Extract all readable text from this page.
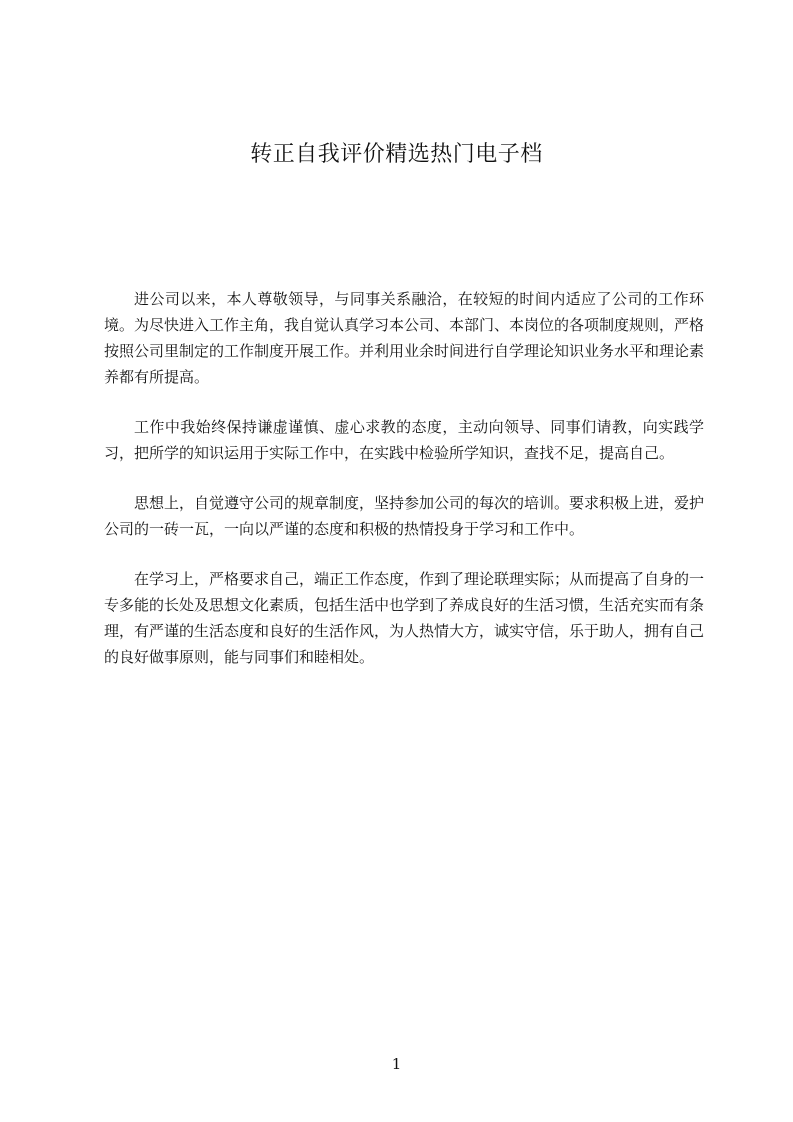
转正自我评价精选热门电子档

进公司以来，本人尊敬领导，与同事关系融洽，在较短的时间内适应了公司的工作环境。为尽快进入工作主角，我自觉认真学习本公司、本部门、本岗位的各项制度规则，严格按照公司里制定的工作制度开展工作。并利用业余时间进行自学理论知识业务水平和理论素养都有所提高。

工作中我始终保持谦虚谨慎、虚心求教的态度，主动向领导、同事们请教，向实践学习，把所学的知识运用于实际工作中，在实践中检验所学知识，查找不足，提高自己。

思想上，自觉遵守公司的规章制度，坚持参加公司的每次的培训。要求积极上进，爱护公司的一砖一瓦，一向以严谨的态度和积极的热情投身于学习和工作中。

在学习上，严格要求自己，端正工作态度，作到了理论联理实际；从而提高了自身的一专多能的长处及思想文化素质，包括生活中也学到了养成良好的生活习惯，生活充实而有条理，有严谨的生活态度和良好的生活作风，为人热情大方，诚实守信，乐于助人，拥有自己的良好做事原则，能与同事们和睦相处。

1
